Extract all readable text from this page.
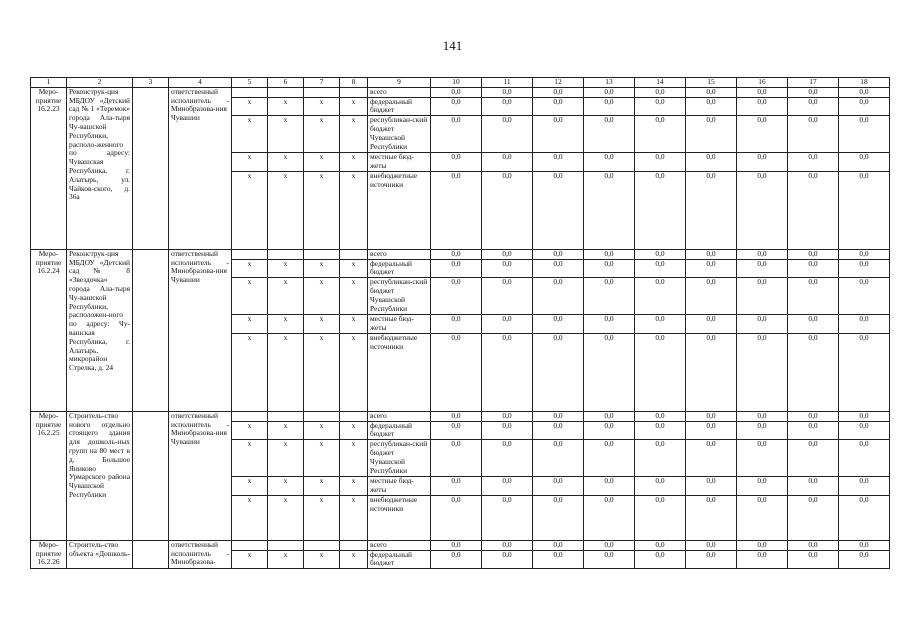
141
1	2	3	4	5	6	7	8	9	10	11	12	13	14	15	16	17	18
Меро-приятие 16.2.23	Реконструк-ция МБДОУ «Детский сад № 1 «Теремок» города Ала-тыря Чу-вашской Республики, располо-женного по адресу: Чувашская Республика, г. Алатырь, ул. Чайков-ского, д. 36а		ответственный исполнитель - Минобразова-ния Чувашии					всего	0,0	0,0	0,0	0,0	0,0	0,0	0,0	0,0	0,0
				х	х	х	х	федеральный бюджет	0,0	0,0	0,0	0,0	0,0	0,0	0,0	0,0	0,0
				х	х	х	х	республикан-ский бюджет Чувашской Республики	0,0	0,0	0,0	0,0	0,0	0,0	0,0	0,0	0,0
				х	х	х	х	местные бюд-жеты	0,0	0,0	0,0	0,0	0,0	0,0	0,0	0,0	0,0
				х	х	х	х	внебюджетные источники	0,0	0,0	0,0	0,0	0,0	0,0	0,0	0,0	0,0
Меро-приятие 16.2.24	Реконструк-ция МБДОУ «Детский сад № 8 «Звездочка» города Ала-тыря Чу-вашской Республики, расположен-ного по адресу: Чу-вашская Республика, г. Алатырь, микрорайон Стрелка, д. 24		ответственный исполнитель - Минобразова-ния Чувашии					всего	0,0	0,0	0,0	0,0	0,0	0,0	0,0	0,0	0,0
				х	х	х	х	федеральный бюджет	0,0	0,0	0,0	0,0	0,0	0,0	0,0	0,0	0,0
				х	х	х	х	республикан-ский бюджет Чувашской Республики	0,0	0,0	0,0	0,0	0,0	0,0	0,0	0,0	0,0
				х	х	х	х	местные бюд-жеты	0,0	0,0	0,0	0,0	0,0	0,0	0,0	0,0	0,0
				х	х	х	х	внебюджетные источники	0,0	0,0	0,0	0,0	0,0	0,0	0,0	0,0	0,0
Меро-приятие 16.2.25	Строитель-ство нового отдельно стоящего здания для дошколь-ных групп на 80 мест в д. Большое Яниково Урмарского района Чувашской Республики		ответственный исполнитель - Минобразова-ния Чувашии					всего	0,0	0,0	0,0	0,0	0,0	0,0	0,0	0,0	0,0
				х	х	х	х	федеральный бюджет	0,0	0,0	0,0	0,0	0,0	0,0	0,0	0,0	0,0
				х	х	х	х	республикан-ский бюджет Чувашской Республики	0,0	0,0	0,0	0,0	0,0	0,0	0,0	0,0	0,0
				х	х	х	х	местные бюд-жеты	0,0	0,0	0,0	0,0	0,0	0,0	0,0	0,0	0,0
				х	х	х	х	внебюджетные источники	0,0	0,0	0,0	0,0	0,0	0,0	0,0	0,0	0,0
Меро-приятие 16.2.26	Строитель-ство объекта «Дошколь-		ответственный исполнитель - Минобразова-					всего	0,0	0,0	0,0	0,0	0,0	0,0	0,0	0,0	0,0
				х	х	х	х	федеральный бюджет	0,0	0,0	0,0	0,0	0,0	0,0	0,0	0,0	0,0
